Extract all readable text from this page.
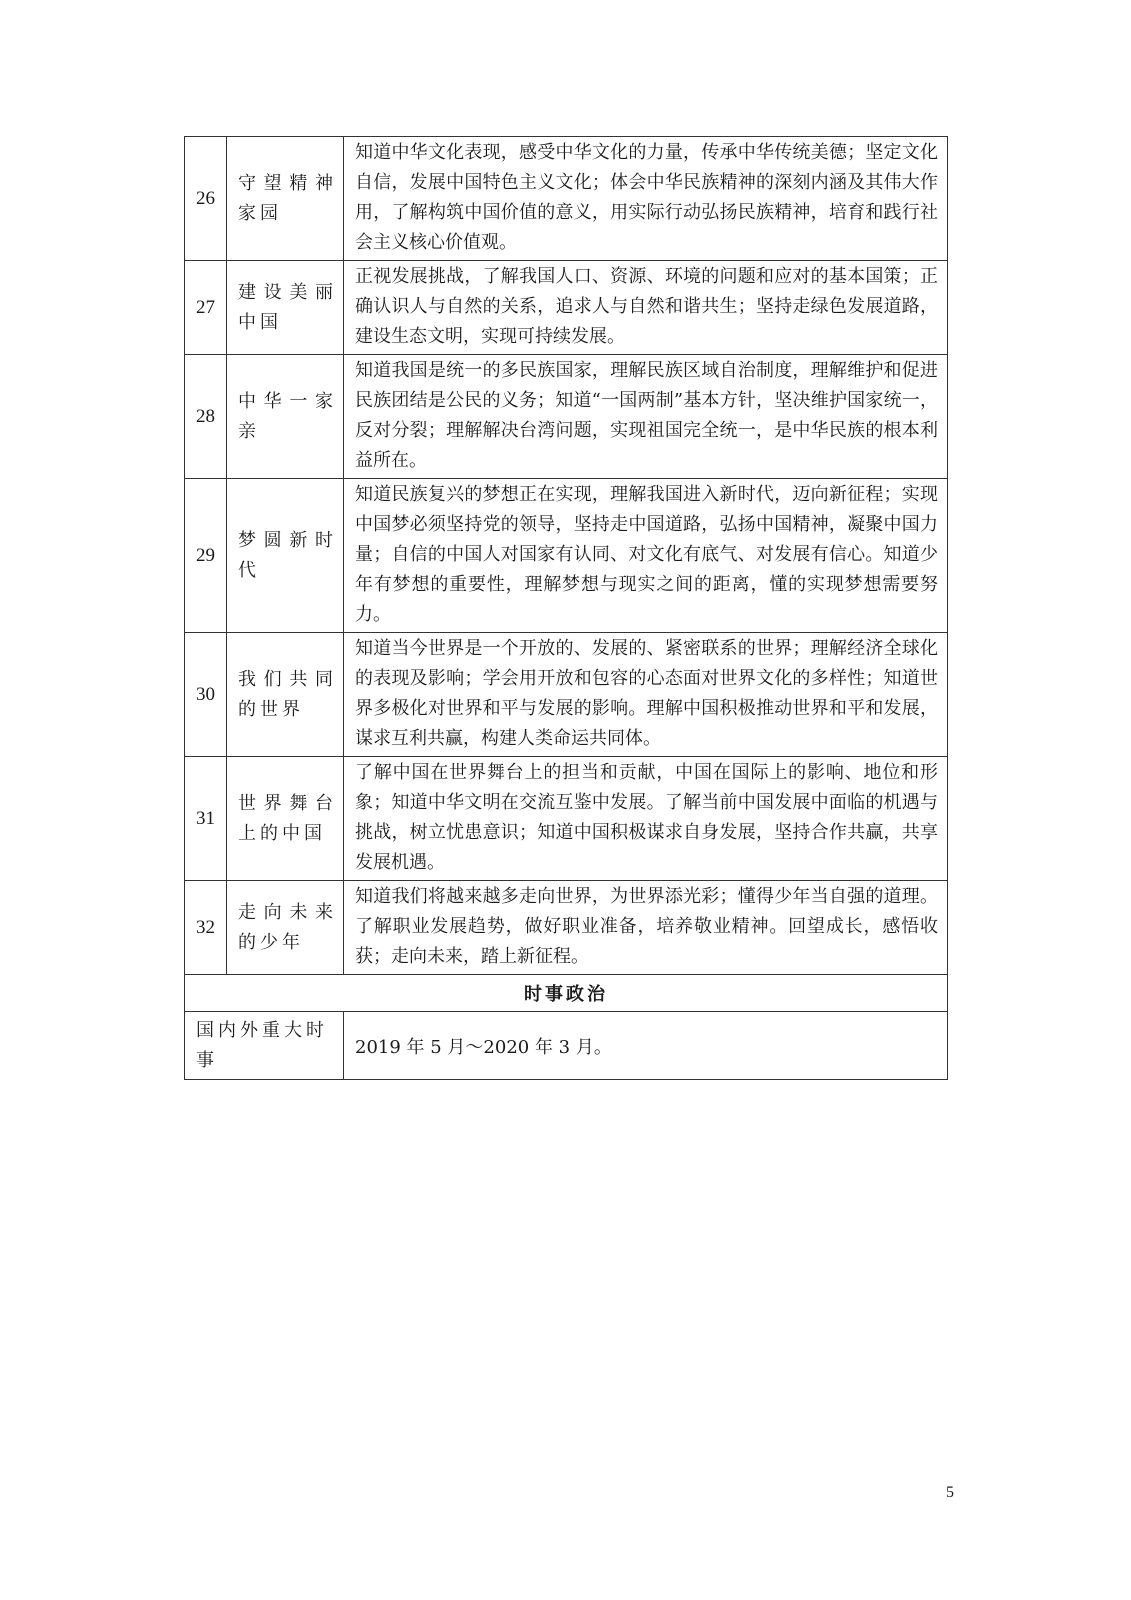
26	守望精神家园	知道中华文化表现，感受中华文化的力量，传承中华传统美德；坚定文化自信，发展中国特色主义文化；体会中华民族精神的深刻内涵及其伟大作用，了解构筑中国价值的意义，用实际行动弘扬民族精神，培育和践行社会主义核心价值观。
27	建设美丽中国	正视发展挑战，了解我国人口、资源、环境的问题和应对的基本国策；正确认识人与自然的关系，追求人与自然和谐共生；坚持走绿色发展道路，建设生态文明，实现可持续发展。
28	中华一家亲	知道我国是统一的多民族国家，理解民族区域自治制度，理解维护和促进民族团结是公民的义务；知道“一国两制”基本方针，坚决维护国家统一，反对分裂；理解解决台湾问题，实现祖国完全统一，是中华民族的根本利益所在。
29	梦圆新时代	知道民族复兴的梦想正在实现，理解我国进入新时代，迈向新征程；实现中国梦必须坚持党的领导，坚持走中国道路，弘扬中国精神，凝聚中国力量；自信的中国人对国家有认同、对文化有底气、对发展有信心。知道少年有梦想的重要性，理解梦想与现实之间的距离，懂的实现梦想需要努力。
30	我们共同的世界	知道当今世界是一个开放的、发展的、紧密联系的世界；理解经济全球化的表现及影响；学会用开放和包容的心态面对世界文化的多样性；知道世界多极化对世界和平与发展的影响。理解中国积极推动世界和平和发展，谋求互利共赢，构建人类命运共同体。
31	世界舞台上的中国	了解中国在世界舞台上的担当和贡献，中国在国际上的影响、地位和形象；知道中华文明在交流互鉴中发展。了解当前中国发展中面临的机遇与挑战，树立忧患意识；知道中国积极谋求自身发展，坚持合作共赢，共享发展机遇。
32	走向未来的少年	知道我们将越来越多走向世界，为世界添光彩；懂得少年当自强的道理。了解职业发展趋势，做好职业准备，培养敬业精神。回望成长，感悟收获；走向未来，踏上新征程。
时事政治		
国内外重大时事		2019 年 5 月～2020 年 3 月。
5
